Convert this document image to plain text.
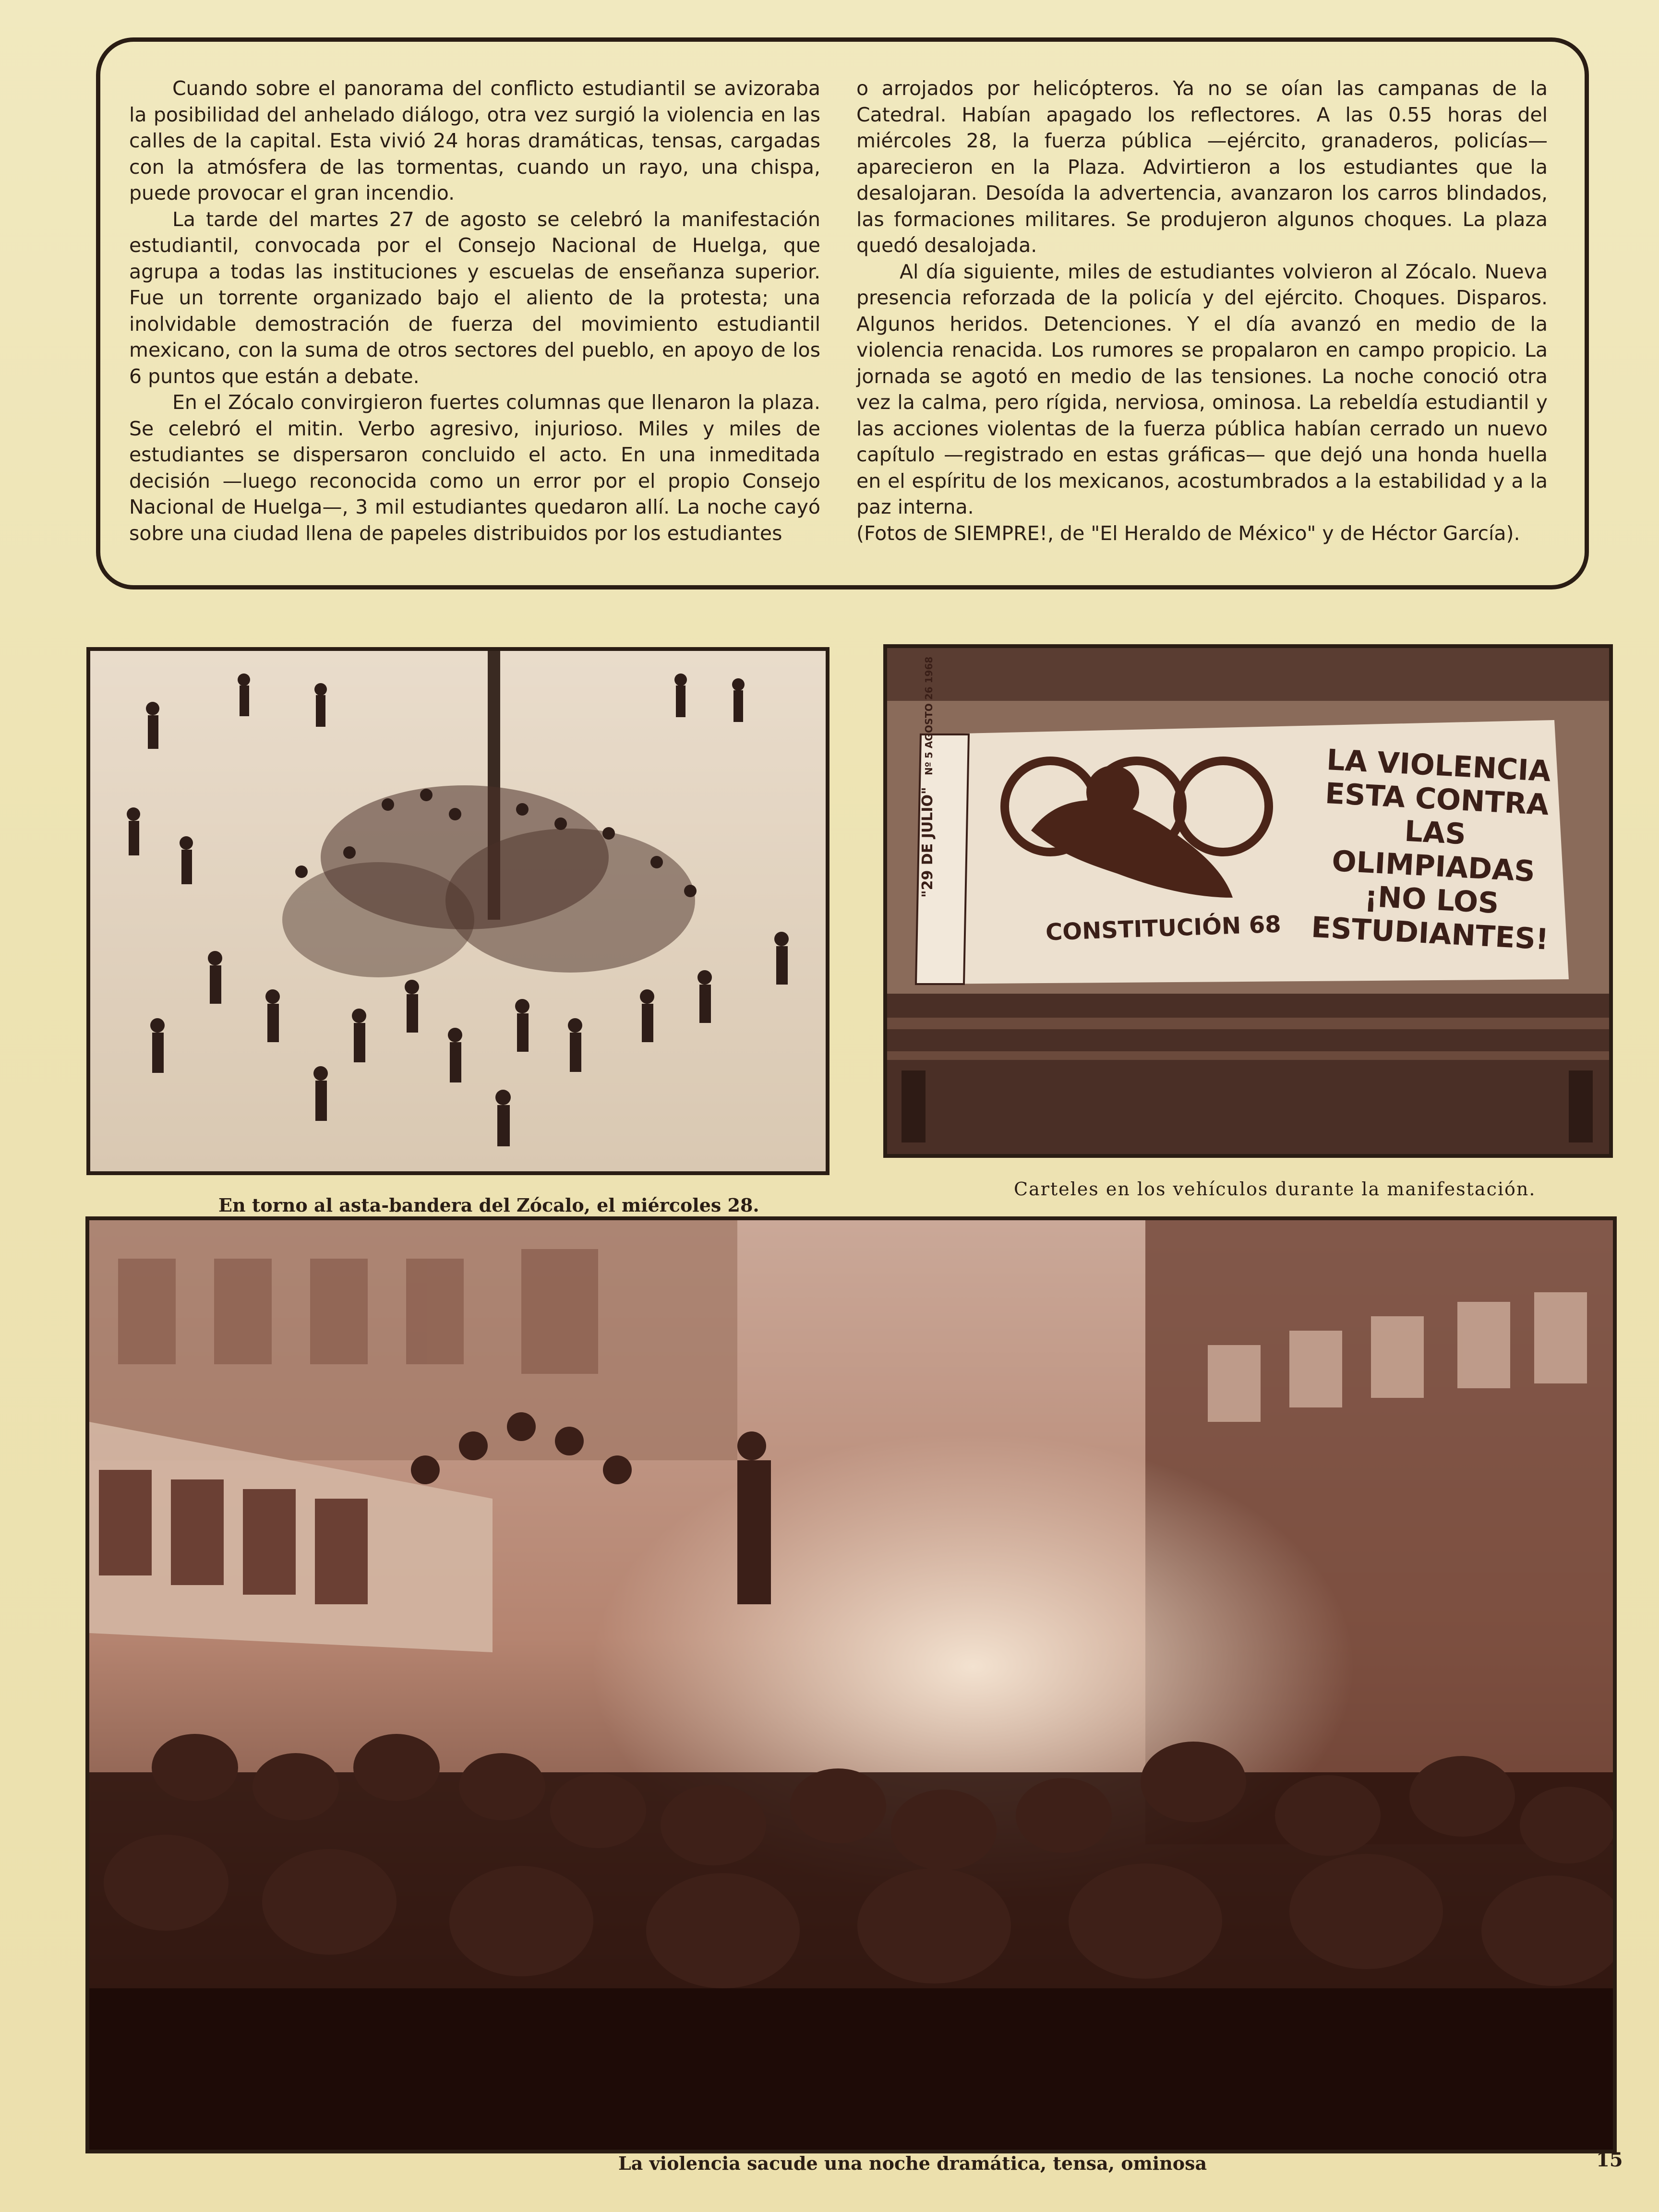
Cuando sobre el panorama del conflicto estudiantil se avizoraba la posibilidad del anhelado diálogo, otra vez surgió la violencia en las calles de la capital. Esta vivió 24 horas dramáticas, tensas, cargadas con la atmósfera de las tormentas, cuando un rayo, una chispa, puede provocar el gran incendio.

La tarde del martes 27 de agosto se celebró la manifestación estudiantil, convocada por el Consejo Nacional de Huelga, que agrupa a todas las instituciones y escuelas de enseñanza superior. Fue un torrente organizado bajo el aliento de la protesta; una inolvidable demostración de fuerza del movimiento estudiantil mexicano, con la suma de otros sectores del pueblo, en apoyo de los 6 puntos que están a debate.

En el Zócalo convirgieron fuertes columnas que llenaron la plaza. Se celebró el mitin. Verbo agresivo, injurioso. Miles y miles de estudiantes se dispersaron concluido el acto. En una inmeditada decisión —luego reconocida como un error por el propio Consejo Nacional de Huelga—, 3 mil estudiantes quedaron allí. La noche cayó sobre una ciudad llena de papeles distribuidos por los estudiantes

o arrojados por helicópteros. Ya no se oían las campanas de la Catedral. Habían apagado los reflectores. A las 0.55 horas del miércoles 28, la fuerza pública —ejército, granaderos, policías— aparecieron en la Plaza. Advirtieron a los estudiantes que la desalojaran. Desoída la advertencia, avanzaron los carros blindados, las formaciones militares. Se produjeron algunos choques. La plaza quedó desalojada.

Al día siguiente, miles de estudiantes volvieron al Zócalo. Nueva presencia reforzada de la policía y del ejército. Choques. Disparos. Algunos heridos. Detenciones. Y el día avanzó en medio de la violencia renacida. Los rumores se propalaron en campo propicio. La jornada se agotó en medio de las tensiones. La noche conoció otra vez la calma, pero rígida, nerviosa, ominosa. La rebeldía estudiantil y las acciones violentas de la fuerza pública habían cerrado un nuevo capítulo —registrado en estas gráficas— que dejó una honda huella en el espíritu de los mexicanos, acostumbrados a la estabilidad y a la paz interna.

(Fotos de SIEMPRE!, de "El Heraldo de México" y de Héctor García).

"29 DE JULIO" Nº 5 AGOSTO 26 1968
CONSTITUCIÓN 68
LA VIOLENCIA
ESTA CONTRA
LAS OLIMPIADAS
¡NO LOS
ESTUDIANTES!
En torno al asta-bandera del Zócalo, el miércoles 28.
Carteles en los vehículos durante la manifestación.
La violencia sacude una noche dramática, tensa, ominosa	15
